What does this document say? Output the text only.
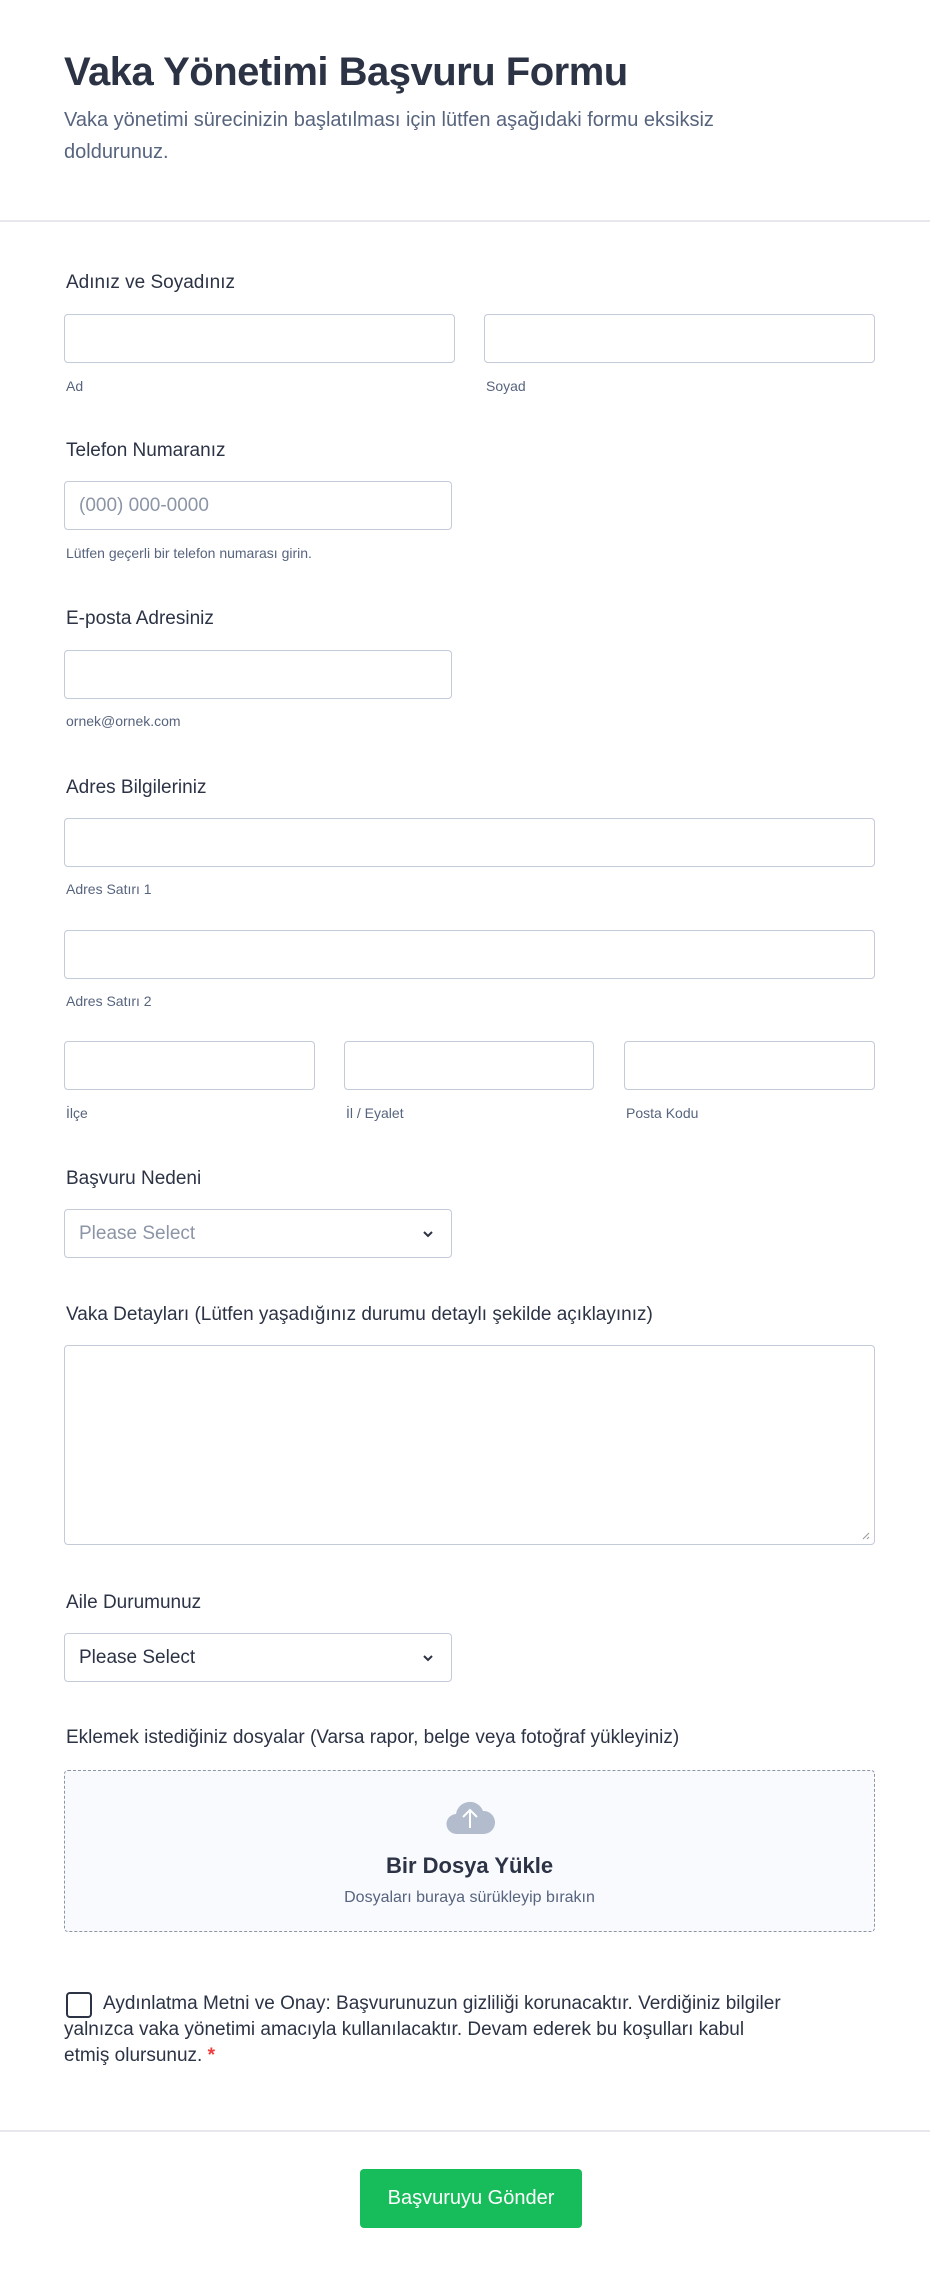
Vaka Yönetimi Başvuru Formu
Vaka yönetimi sürecinizin başlatılması için lütfen aşağıdaki formu eksiksiz doldurunuz.
Adınız ve Soyadınız
Ad	Soyad
Telefon Numaranız
(000) 000-0000
Lütfen geçerli bir telefon numarası girin.
E-posta Adresiniz
ornek@ornek.com
Adres Bilgileriniz
Adres Satırı 1
Adres Satırı 2
İlçe	İl / Eyalet	Posta Kodu
Başvuru Nedeni
Please Select
Vaka Detayları (Lütfen yaşadığınız durumu detaylı şekilde açıklayınız)
Aile Durumunuz
Please Select
Eklemek istediğiniz dosyalar (Varsa rapor, belge veya fotoğraf yükleyiniz)
Bir Dosya Yükle
Dosyaları buraya sürükleyip bırakın
Aydınlatma Metni ve Onay: Başvurunuzun gizliliği korunacaktır. Verdiğiniz bilgiler yalnızca vaka yönetimi amacıyla kullanılacaktır. Devam ederek bu koşulları kabul etmiş olursunuz. *
Başvuruyu Gönder
